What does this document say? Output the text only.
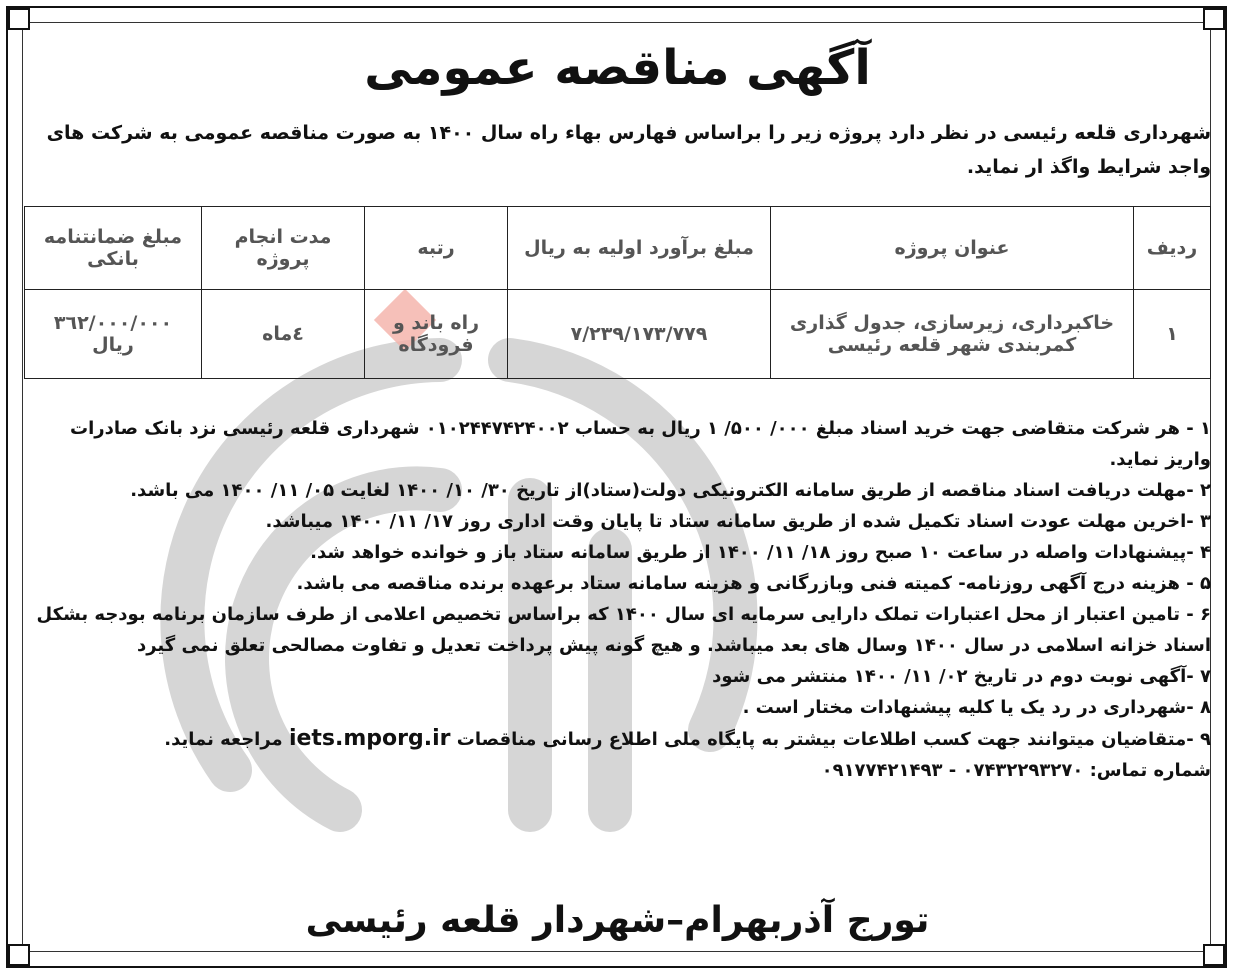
آگهی مناقصه عمومی

شهرداری قلعه رئیسی در نظر دارد پروژه زیر را براساس فهارس بهاء راه سال ۱۴۰۰ به صورت مناقصه عمومی به شرکت های واجد شرایط واگذ ار نماید.

ردیف	عنوان پروژه	مبلغ برآورد اولیه به ریال	رتبه	مدت انجام پروژه	مبلغ ضمانتنامه بانکی
۱	خاکبرداری، زیرسازی، جدول گذاری کمربندی شهر قلعه رئیسی	۷/۲۳۹/۱۷۳/۷۷۹	راه باند و فرودگاه	٤ماه	۳٦۲/۰۰۰/۰۰۰ ریال

۱ - هر شرکت متقاضی جهت خرید اسناد مبلغ ۰۰۰/ ۵۰۰/ ۱ ریال به حساب ۰۱۰۲۴۴۷۴۲۴۰۰۲ شهرداری قلعه رئیسی نزد بانک صادرات واریز نماید.

۲ -مهلت دریافت اسناد مناقصه از طریق سامانه الکترونیکی دولت(ستاد)از تاریخ ۳۰/ ۱۰/ ۱۴۰۰ لغایت ۰۵/ ۱۱/ ۱۴۰۰ می باشد.

۳ -اخرین مهلت عودت اسناد تکمیل شده از طریق سامانه ستاد تا پایان وقت اداری روز ۱۷/ ۱۱/ ۱۴۰۰ میباشد.

۴ -پیشنهادات واصله در ساعت ۱۰ صبح روز ۱۸/ ۱۱/ ۱۴۰۰ از طریق سامانه ستاد باز و خوانده خواهد شد.

۵ - هزینه درج آگهی روزنامه- کمیته فنی وبازرگانی و هزینه سامانه ستاد برعهده برنده مناقصه می باشد.

۶ - تامین اعتبار از محل اعتبارات تملک دارایی سرمایه ای سال ۱۴۰۰ که براساس تخصیص اعلامی از طرف سازمان برنامه بودجه بشکل اسناد خزانه اسلامی در سال ۱۴۰۰ وسال های بعد میباشد. و هیچ گونه پیش پرداخت تعدیل و تفاوت مصالحی تعلق نمی گیرد

۷ -آگهی نوبت دوم در تاریخ ۰۲/ ۱۱/ ۱۴۰۰ منتشر می شود

۸ -شهرداری در رد یک یا کلیه پیشنهادات مختار است .

۹ -متقاضیان میتوانند جهت کسب اطلاعات بیشتر به پایگاه ملی اطلاع رسانی مناقصات iets.mporg.ir مراجعه نماید.

شماره تماس: ۰۷۴۳۲۲۹۳۲۷۰ - ۰۹۱۷۷۴۲۱۴۹۳

تورج آذربهرام–شهردار قلعه رئیسی
